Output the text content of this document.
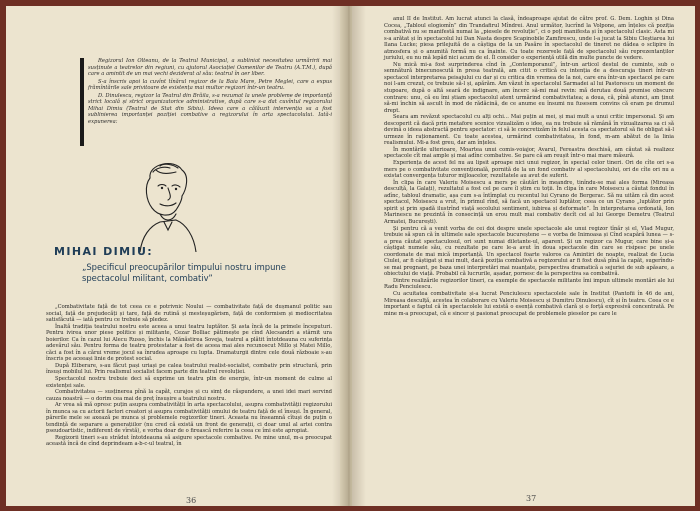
Regizorul Ion Olteanu, de la Teatrul Municipal, a subliniat necesitatea urmăririi mai susținute a teatrelor din regiuni, cu ajutorul Asociației Oamenilor de Teatru (A.T.M.), după care a amintit de un mai vechi deziderat al său: teatrul în aer liber.

S-a înscris apoi la cuvînt tînărul regizor de la Baia Mare, Petre Meglei, care a expus frămîntările sale privitoare de existența mai multor regizori într-un teatru.

D. Dinulescu, regizor la Teatrul din Brăila, s-a rezumat la unele probleme de importanță strict locală și strict organizatorice administrative, după care s-a dat cuvîntul regizorului Mihai Dimiu (Teatrul de Stat din Sibiu). Ideea care a călăuzit intervenția sa a fost sublinierea importanței poziției combative a regizorului în arta spectacolului. Iată-i expunerea:

MIHAI DIMIU:
„Specificul preocupărilor timpului nostru impune spectacolul militant, combativ”

„Combativitate față de tot ceea ce e potrivnic Noului — combativitate față de dușmanul politic sau social, față de prejudecăți și tare, față de rutină și mesteșugărism, față de conformism și mediocritatea satisfăcută — iată pentru ce trebuie să pledez.

Înaltă tradiția teatrului nostru este aceea a unui teatru luptător. Și asta încă de la primele începuturi. Pentru ivirea unor piese politice și militante, Cezar Bolliac pătimește pe cînd Alecsandri a stârnit ura boierilor. Ca în cazul lui Alecu Russo, închis la Mănăstirea Soveja, teatrul a plătit întotdeauna cu suferința adevărul său. Pentru forma de teatru protestatar a fost de aceea mai ales recunoscut Millo și Matei Millo, căci a fost în a cărui vreme jocul sa înrudea aproape cu lupta. Dramaturgii dintre cele două războaie s-au înscris pe aceeași linie de protest social.

După Eliberare, s-au făcut pași uriași pe calea teatrului realist-socialist, combativ prin structură, prin însuși mobilul lui. Prin realismul socialist facem parte din teatrul revoluției.

Spectacolul nostru trebuie deci să exprime un teatru plin de energie, într-un moment de culme al existenței sale.

Combativitatea — susținerea pînă la capăt, curajos și cu simț de răspundere, a unei idei mari servind cauza noastră — o dorim cea mai de preț însușire a teatrului nostru.

Ar vrea să mă opresc puțin asupra combativității în arta spectacolului, asupra combativității regizorului în munca sa cu actorii factori creatori și asupra combativității omului de teatru față de el însuși. În general, părerile mele se axează pe munca și problemele regizorilor tineri. Aceasta nu înseamnă cîtuși de puțin o tendință de separare a generațiilor (nu cred că există un front de generații, ci doar unul al artei contra pseudoartistic, indiferent de vîrstă), e vorba doar de o firească referire la ceea ce îmi este apropiat.

Regizorii tineri s-au strădut întotdeauna să asigure spectacole combative. Pe mine unul, m-a preocupat această încă de cînd deprindeam a-b-c-ul teatral, în

36

anul II de Institut. Am lucrat atunci la clasă, îndeaproape ajutat de către prof. G. Dem. Loghin și Dina Cocea, „Tabloul elogiomîn” din Trandafirul Mîndrei. Anul următor, lucrînd la Volpone, am înțeles că poziția combativă nu se manifestă numai la „piesele de revoluție”, ci o poți manifesta și în spectacolul clasic. Asta mi s-a arătat și în spectacolul lui Dan Nasta despre Scapinobile Zamfirescu, unde l-a jucat la Sibiu Cleștiarea lui Ilana Lucke; piesa prilejuită de a câștiga de la un Pasăre în spectacolul de tineret ne dădea o sclipire în atmosfera și o anumită formă nu ca înainte. Cu toate rezervele față de spectacolul său reprezentanților juriului, eu nu mă lepăd nici acum de el. Îl consider o experiență utilă din multe puncte de vedere.

Nu mică mi-a fost surprinderea cînd în „Contemporanul”, într-un articol destul de cuminte, sub o semnătură binecunoscută în presa teatrală, am citit o critică cu intenția de a descuraja tineri într-un spectacol interpretarea peisajului cu dar și cu critica din vremea de la noi, care era într-un spectacol pe care noi l-am crezut, ce trebuie să-l și, apărăm. Am văzut în spectacolul Sarmadei al lui Pastorescu un moment de stupoare, după o altă seară de indignare, am încerc să-mi mai revin: mă derutau două premise obscure contrare: unu, că eu îmi știam spectacolul atent urmărind combativitatea; a doua, că, pînă atunci, am ținut să-mi închin să ascult în mod de rădăcină, de ce anume eu însumi nu fusesem convins că eram pe drumul drept.

Seara am revăzut spectacolul cu alți ochi... Mai puțin ai mei, și mai mult a unui critic impersonal. Și am descoperit că dacă prin metafore scenice vizualizăm o idee, ea nu trebuie să rămână în vizualizarea sa ci să devină o ideea abstractă pentru spectator: ci să le concretizăm în felul acesta ca spectatorul să fie obligat să-l urmeze în raționament. Cu toate acestea, urmărind combativitatea, în fond, m-am abătut de la linia realismului. Mi-a fost greu, dar am înțeles.

În montările ulterioare, Moartea unui comis-voiajor, Avarul, Fereastra deschisă, am căutat să realizez spectacole cît mai ample și mai adînc combative. Se pare că am reușit într-o mai mare măsură.

Experiența de acest fel nu au lipsit aproape nici unui regizor, în special celor tineri. Ori de cîte ori s-a mers pe o combativitate convențională, pornită de la un fond combativ al spectacolului, ori de cîte ori nu a existat convergența tuturor mijloacelor, rezultatele au avut de suferit.

În clipa în care Valeriu Moisescu a mers pe căutări în meandre, tinîndu-se mai ales forma (Mireasa desculță, la Galați), rezultatul a fost cel pe care îl știm cu toții. În clipa în care Moisescu a căutat fondul în adînc, tabloul dramatic, așa cum s-a întîmplat cu recentul lui Cyrano de Bergerac. Să nu uităm că din acest spectacol, Moisescu a vrut, în primul rînd, să facă un spectacol luptător, ceea ce un Cyrano „luptător prin spirit și prin spadă ilustrînd viață secolului sentiment, iubirea și deformate”. În interpretarea ordonată, Ion Marinescu ne prezintă în consecință un erou mult mai combativ decît cel al lui George Demetru (Teatrul Armatei, București).

Și pentru că a venit vorba de cei doi despre unele spectacole ale unui regizor tînăr și el, Vlad Mugur, trebuie să spun că în ultimele sale spectacole bucureștene — e vorba de Inimoasa și Cînd scapără lunea — s-a prea căutat spectaculosul, ori sunt numai diletante-ul, aparent. Și un regizor ca Mugur, care bine și-a câștigat numele său, cu rezultate pe care le-a avut în doua spectacole din care se risipesc pe unele coordonate de mai mică importanță. Un spectacol foarte valoros ca Amintiri de noapte, realizat de Lucia Ciulei, ar fi câștigat și mai mult, dacă poziția combativă a regizorului ar fi fost dusă pînă la capăt, sugerîndu-se mai pregnant, pe baza unei interpretări mai nuanțate, perspectiva dramatică a sejuriei de sub apăsare, a obiectului de viață. Probabil că lucrurile, așadar, pornesc de la perspectiva sa combativă.

Dintre realizările regizorilor tineri, ca exemple de spectacole militante îmi impun ultimele montări ale lui Radu Penciulescu.

Cu acuitatea combativitate și-a lucrat Penciulescu spectacolele sale în Institut (Pantofii în 46 de ani, Mireasa desculță, acestea în colaborare cu Valeriu Moisescu și Dumitru Dinulescu), cît și în teatru. Ceea ce e important e faptul că în spectacolele lui există o esență combativă clară și o forță expresivă concentrată. Pe mine m-a preocupat, că e sincer și pasionat preocupat de problemele pieselor pe care le

37
